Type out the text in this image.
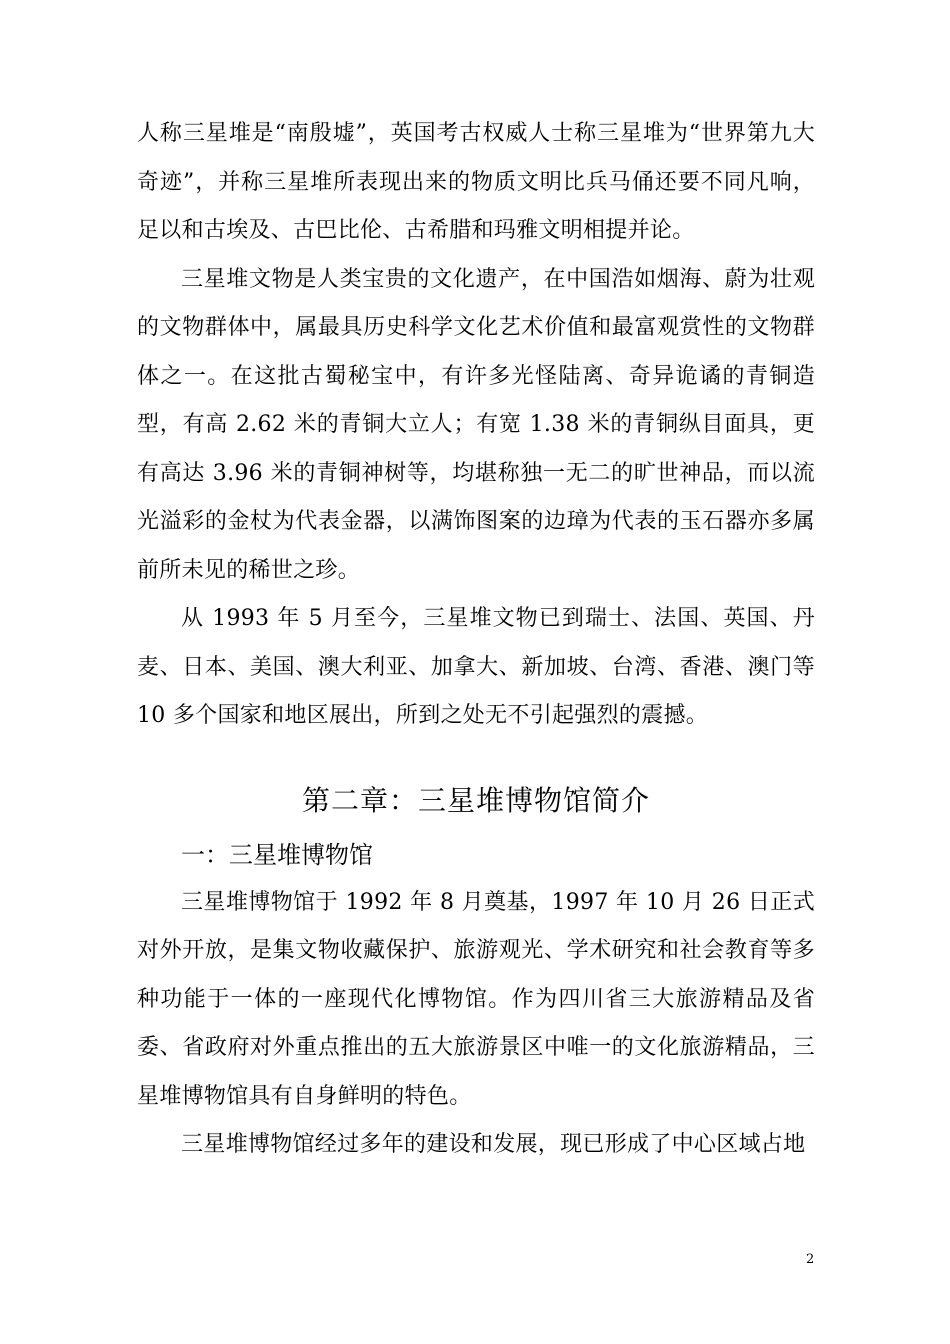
人称三星堆是“南殷墟”，英国考古权威人士称三星堆为“世界第九大奇迹”，并称三星堆所表现出来的物质文明比兵马俑还要不同凡响，足以和古埃及、古巴比伦、古希腊和玛雅文明相提并论。

三星堆文物是人类宝贵的文化遗产，在中国浩如烟海、蔚为壮观的文物群体中，属最具历史科学文化艺术价值和最富观赏性的文物群体之一。在这批古蜀秘宝中，有许多光怪陆离、奇异诡谲的青铜造型，有高 2.62 米的青铜大立人；有宽 1.38 米的青铜纵目面具，更有高达 3.96 米的青铜神树等，均堪称独一无二的旷世神品，而以流光溢彩的金杖为代表金器，以满饰图案的边璋为代表的玉石器亦多属前所未见的稀世之珍。

从 1993 年 5 月至今，三星堆文物已到瑞士、法国、英国、丹麦、日本、美国、澳大利亚、加拿大、新加坡、台湾、香港、澳门等 10 多个国家和地区展出，所到之处无不引起强烈的震撼。

第二章：三星堆博物馆简介
一：三星堆博物馆

三星堆博物馆于 1992 年 8 月奠基，1997 年 10 月 26 日正式对外开放，是集文物收藏保护、旅游观光、学术研究和社会教育等多种功能于一体的一座现代化博物馆。作为四川省三大旅游精品及省委、省政府对外重点推出的五大旅游景区中唯一的文化旅游精品，三星堆博物馆具有自身鲜明的特色。

三星堆博物馆经过多年的建设和发展，现已形成了中心区域占地

2
